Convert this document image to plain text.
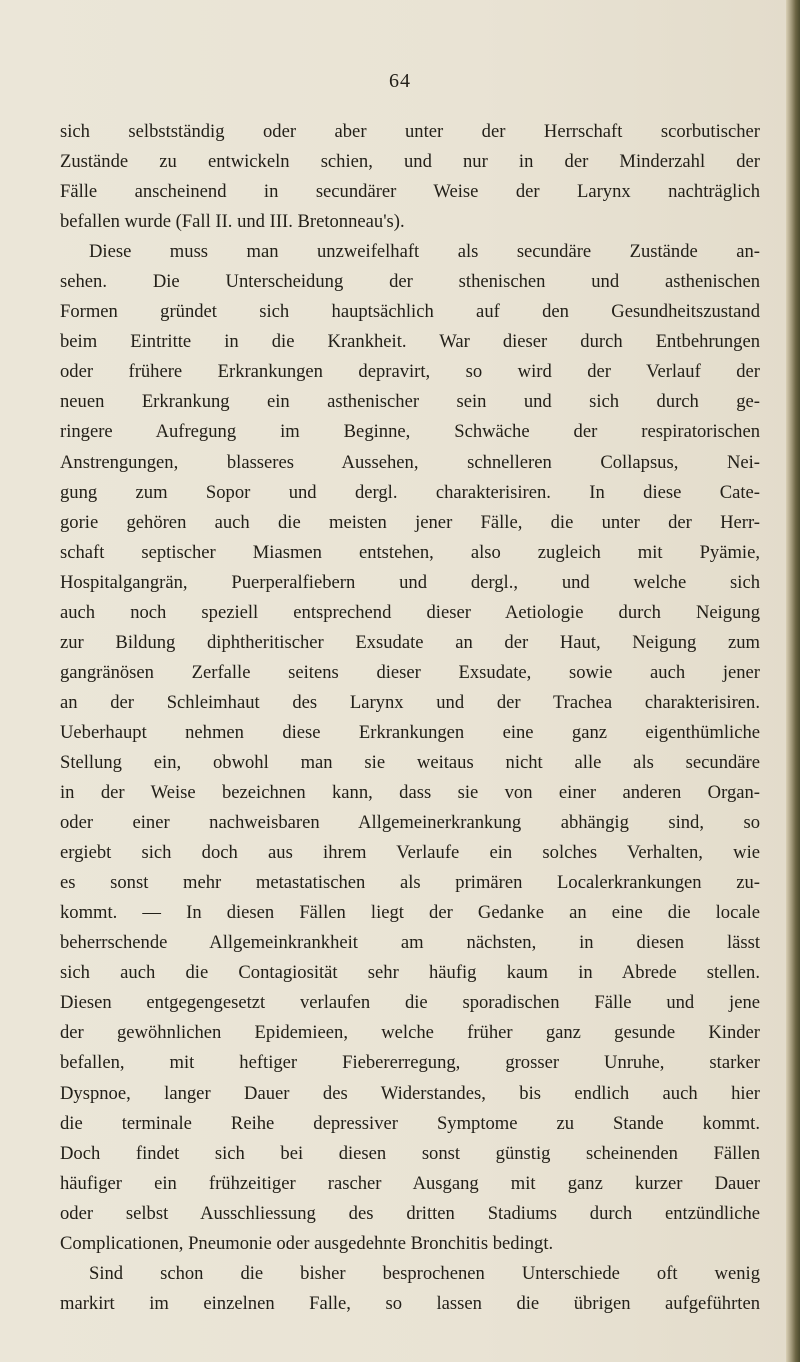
64
sich selbstständig oder aber unter der Herrschaft scorbutischer
Zustände zu entwickeln schien, und nur in der Minderzahl der
Fälle anscheinend in secundärer Weise der Larynx nachträglich
befallen wurde (Fall II. und III. Bretonneau's).
Diese muss man unzweifelhaft als secundäre Zustände an-
sehen. Die Unterscheidung der sthenischen und asthenischen
Formen gründet sich hauptsächlich auf den Gesundheitszustand
beim Eintritte in die Krankheit. War dieser durch Entbehrungen
oder frühere Erkrankungen depravirt, so wird der Verlauf der
neuen Erkrankung ein asthenischer sein und sich durch ge-
ringere Aufregung im Beginne, Schwäche der respiratorischen
Anstrengungen, blasseres Aussehen, schnelleren Collapsus, Nei-
gung zum Sopor und dergl. charakterisiren. In diese Cate-
gorie gehören auch die meisten jener Fälle, die unter der Herr-
schaft septischer Miasmen entstehen, also zugleich mit Pyämie,
Hospitalgangrän, Puerperalfiebern und dergl., und welche sich
auch noch speziell entsprechend dieser Aetiologie durch Neigung
zur Bildung diphtheritischer Exsudate an der Haut, Neigung zum
gangränösen Zerfalle seitens dieser Exsudate, sowie auch jener
an der Schleimhaut des Larynx und der Trachea charakterisiren.
Ueberhaupt nehmen diese Erkrankungen eine ganz eigenthümliche
Stellung ein, obwohl man sie weitaus nicht alle als secundäre
in der Weise bezeichnen kann, dass sie von einer anderen Organ-
oder einer nachweisbaren Allgemeinerkrankung abhängig sind, so
ergiebt sich doch aus ihrem Verlaufe ein solches Verhalten, wie
es sonst mehr metastatischen als primären Localerkrankungen zu-
kommt. — In diesen Fällen liegt der Gedanke an eine die locale
beherrschende Allgemeinkrankheit am nächsten, in diesen lässt
sich auch die Contagiosität sehr häufig kaum in Abrede stellen.
Diesen entgegengesetzt verlaufen die sporadischen Fälle und jene
der gewöhnlichen Epidemieen, welche früher ganz gesunde Kinder
befallen, mit heftiger Fiebererregung, grosser Unruhe, starker
Dyspnoe, langer Dauer des Widerstandes, bis endlich auch hier
die terminale Reihe depressiver Symptome zu Stande kommt.
Doch findet sich bei diesen sonst günstig scheinenden Fällen
häufiger ein frühzeitiger rascher Ausgang mit ganz kurzer Dauer
oder selbst Ausschliessung des dritten Stadiums durch entzündliche
Complicationen, Pneumonie oder ausgedehnte Bronchitis bedingt.
Sind schon die bisher besprochenen Unterschiede oft wenig
markirt im einzelnen Falle, so lassen die übrigen aufgeführten
